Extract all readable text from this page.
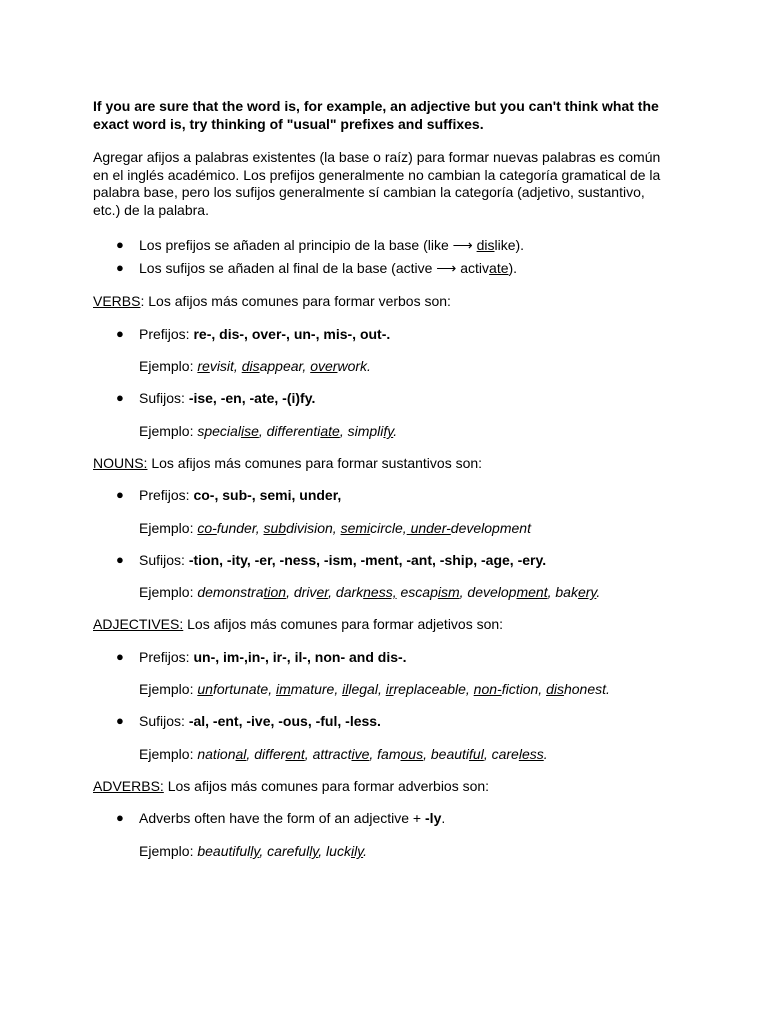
If you are sure that the word is, for example, an adjective but you can't think what the exact word is, try thinking of "usual" prefixes and suffixes.
Agregar afijos a palabras existentes (la base o raíz) para formar nuevas palabras es común en el inglés académico. Los prefijos generalmente no cambian la categoría gramatical de la palabra base, pero los sufijos generalmente sí cambian la categoría (adjetivo, sustantivo, etc.) de la palabra.
● Los prefijos se añaden al principio de la base (like ⟶ dislike).
● Los sufijos se añaden al final de la base (active ⟶ activate).
VERBS: Los afijos más comunes para formar verbos son:
● Prefijos: re-, dis-, over-, un-, mis-, out-.
Ejemplo: revisit, disappear, overwork.
● Sufijos: -ise, -en, -ate, -(i)fy.
Ejemplo: specialise, differentiate, simplify.
NOUNS: Los afijos más comunes para formar sustantivos son:
● Prefijos: co-, sub-, semi, under,
Ejemplo: co-funder, subdivision, semicircle, under-development
● Sufijos: -tion, -ity, -er, -ness, -ism, -ment, -ant, -ship, -age, -ery.
Ejemplo: demonstration, driver, darkness, escapism, development, bakery.
ADJECTIVES: Los afijos más comunes para formar adjetivos son:
● Prefijos: un-, im-,in-, ir-, il-, non- and dis-.
Ejemplo: unfortunate, immature, illegal, irreplaceable, non-fiction, dishonest.
● Sufijos: -al, -ent, -ive, -ous, -ful, -less.
Ejemplo: national, different, attractive, famous, beautiful, careless.
ADVERBS: Los afijos más comunes para formar adverbios son:
● Adverbs often have the form of an adjective + -ly.
Ejemplo: beautifully, carefully, luckily.
